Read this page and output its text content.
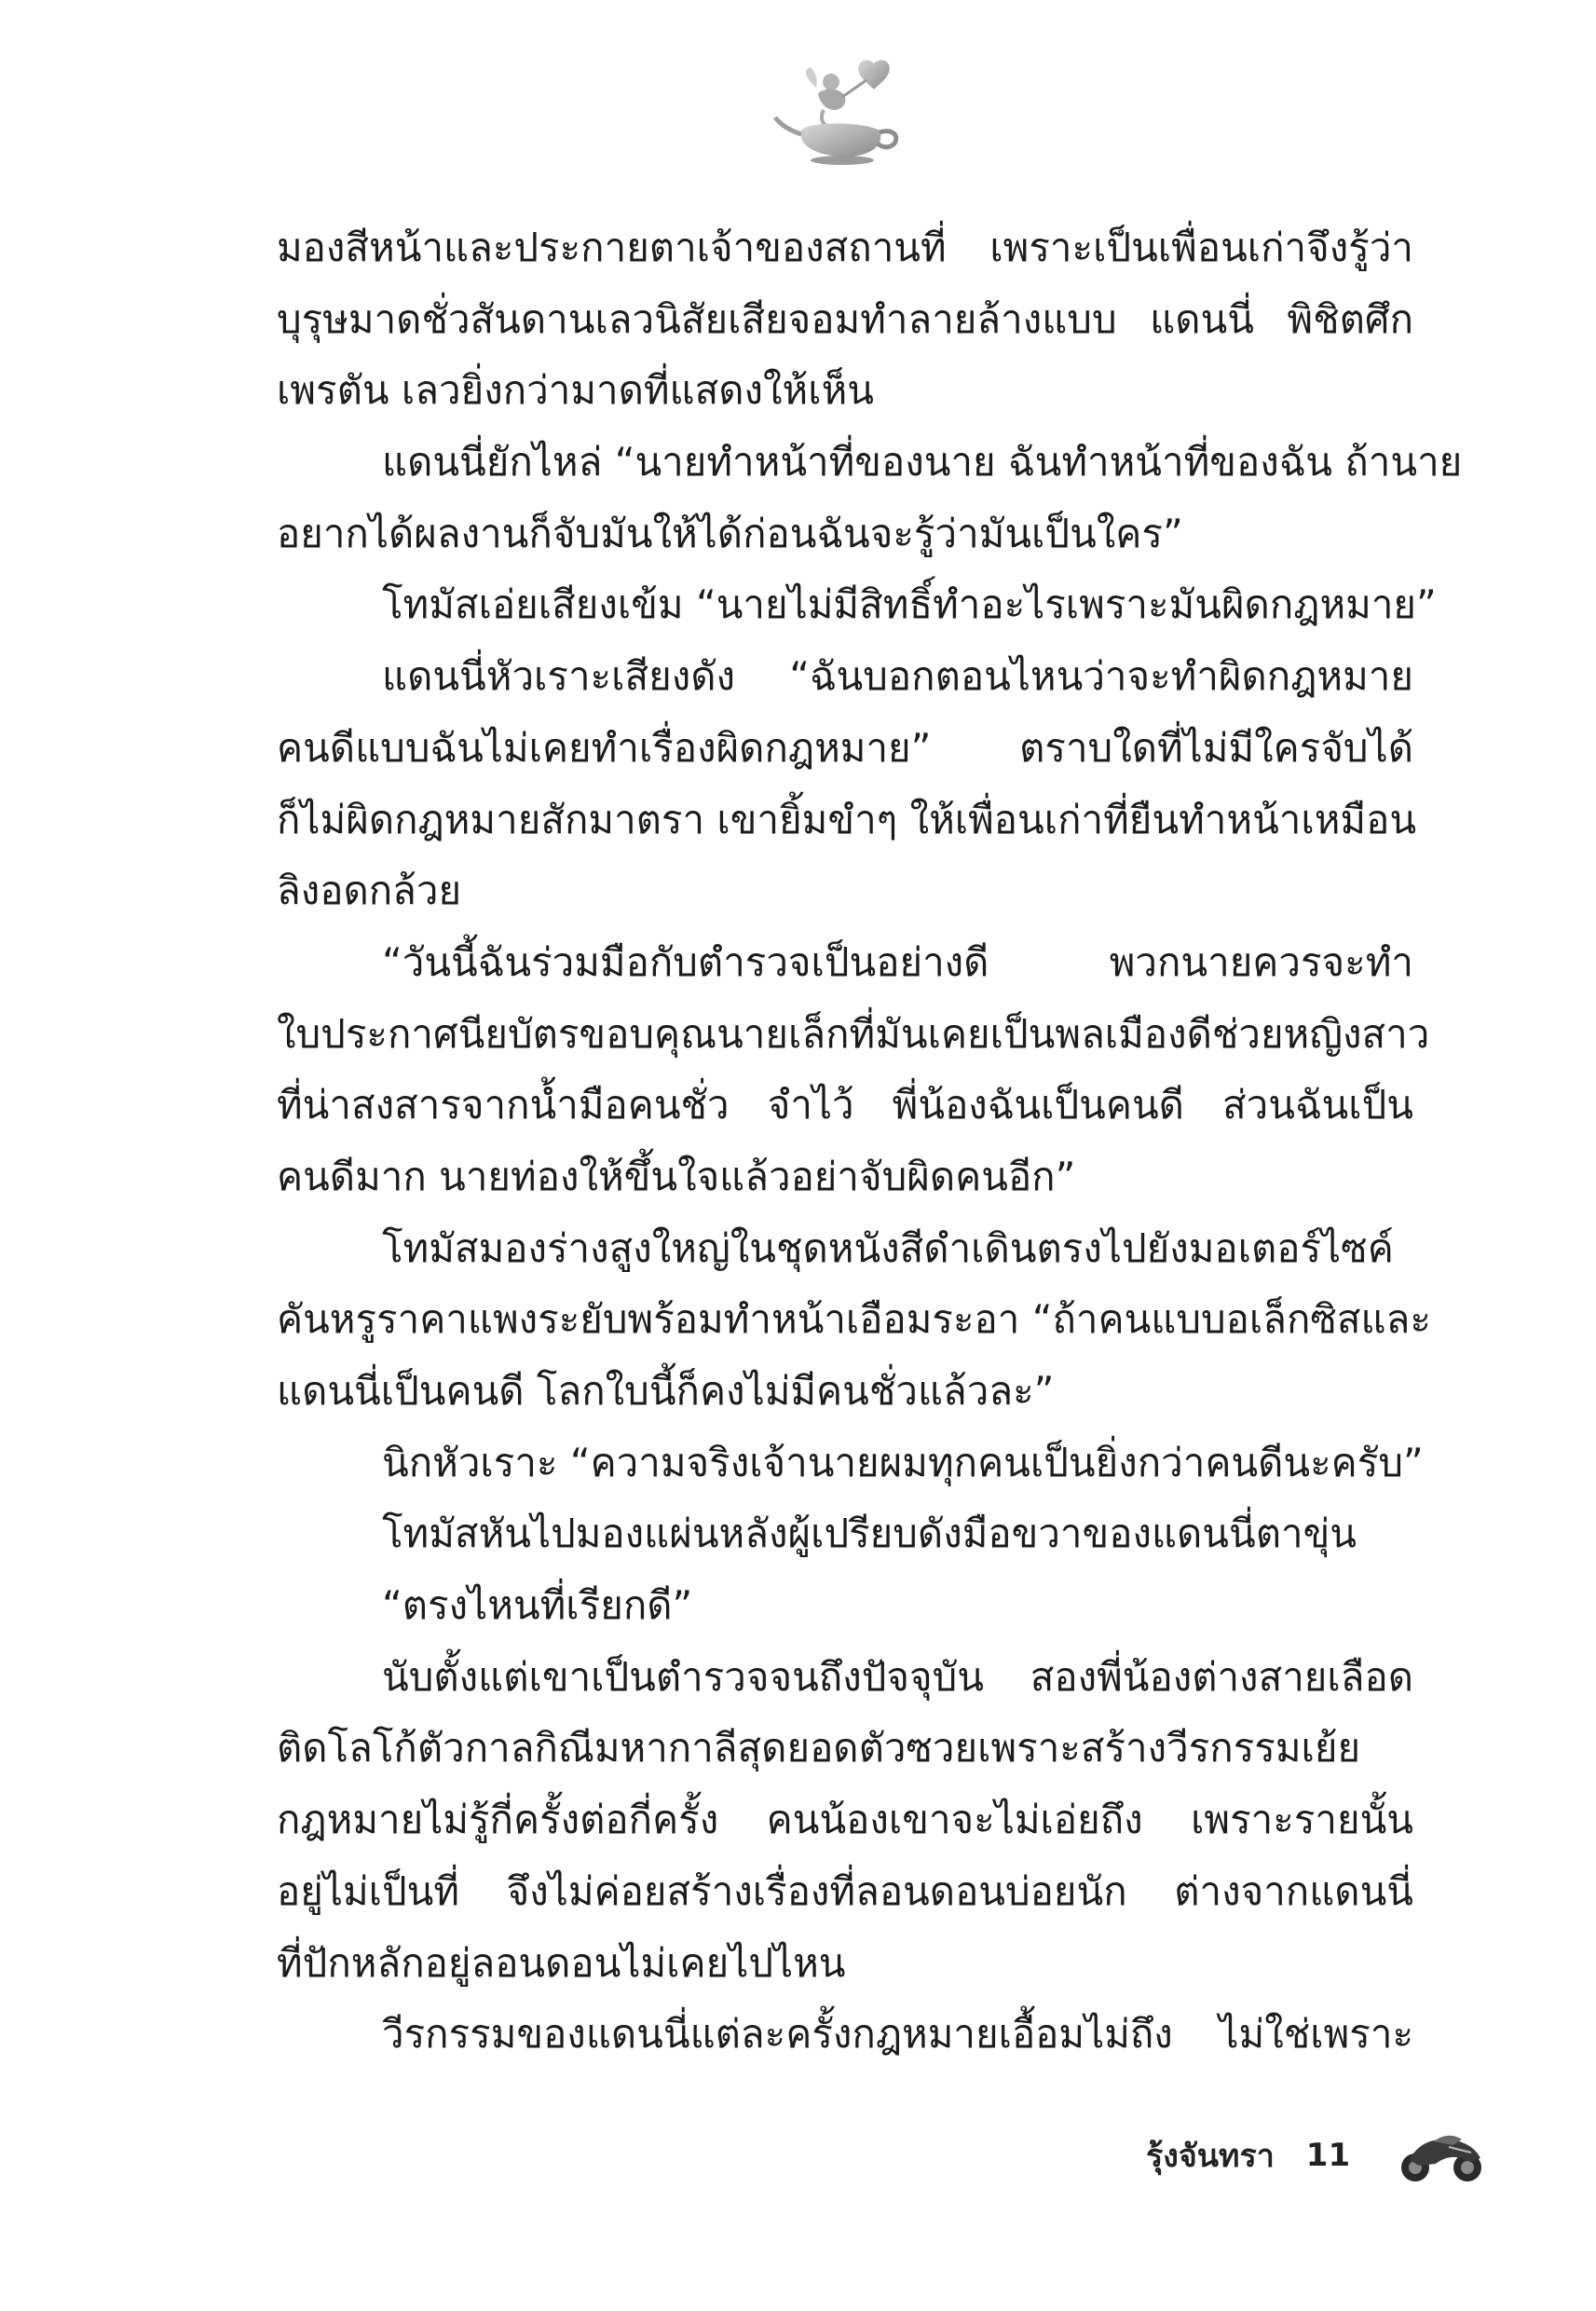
มองสีหน้าและประกายตาเจ้าของสถานที่ เพราะเป็นเพื่อนเก่าจึงรู้ว่า
บุรุษมาดชั่วสันดานเลวนิสัยเสียจอมทำลายล้างแบบ แดนนี่ พิชิตศึก
เพรตัน เลวยิ่งกว่ามาดที่แสดงให้เห็น
แดนนี่ยักไหล่ “นายทำหน้าที่ของนาย ฉันทำหน้าที่ของฉัน ถ้านาย
อยากได้ผลงานก็จับมันให้ได้ก่อนฉันจะรู้ว่ามันเป็นใคร”
โทมัสเอ่ยเสียงเข้ม “นายไม่มีสิทธิ์ทำอะไรเพราะมันผิดกฎหมาย”
แดนนี่หัวเราะเสียงดัง “ฉันบอกตอนไหนว่าจะทำผิดกฎหมาย
คนดีแบบฉันไม่เคยทำเรื่องผิดกฎหมาย” ตราบใดที่ไม่มีใครจับได้
ก็ไม่ผิดกฎหมายสักมาตรา เขายิ้มขำๆ ให้เพื่อนเก่าที่ยืนทำหน้าเหมือน
ลิงอดกล้วย
“วันนี้ฉันร่วมมือกับตำรวจเป็นอย่างดี พวกนายควรจะทำ
ใบประกาศนียบัตรขอบคุณนายเล็กที่มันเคยเป็นพลเมืองดีช่วยหญิงสาว
ที่น่าสงสารจากน้ำมือคนชั่ว จำไว้ พี่น้องฉันเป็นคนดี ส่วนฉันเป็น
คนดีมาก นายท่องให้ขึ้นใจแล้วอย่าจับผิดคนอีก”
โทมัสมองร่างสูงใหญ่ในชุดหนังสีดำเดินตรงไปยังมอเตอร์ไซค์
คันหรูราคาแพงระยับพร้อมทำหน้าเอือมระอา “ถ้าคนแบบอเล็กซิสและ
แดนนี่เป็นคนดี โลกใบนี้ก็คงไม่มีคนชั่วแล้วละ”
นิกหัวเราะ “ความจริงเจ้านายผมทุกคนเป็นยิ่งกว่าคนดีนะครับ”
โทมัสหันไปมองแผ่นหลังผู้เปรียบดังมือขวาของแดนนี่ตาขุ่น
“ตรงไหนที่เรียกดี”
นับตั้งแต่เขาเป็นตำรวจจนถึงปัจจุบัน สองพี่น้องต่างสายเลือด
ติดโลโก้ตัวกาลกิณีมหากาลีสุดยอดตัวซวยเพราะสร้างวีรกรรมเย้ย
กฎหมายไม่รู้กี่ครั้งต่อกี่ครั้ง คนน้องเขาจะไม่เอ่ยถึง เพราะรายนั้น
อยู่ไม่เป็นที่ จึงไม่ค่อยสร้างเรื่องที่ลอนดอนบ่อยนัก ต่างจากแดนนี่
ที่ปักหลักอยู่ลอนดอนไม่เคยไปไหน
วีรกรรมของแดนนี่แต่ละครั้งกฎหมายเอื้อมไม่ถึง ไม่ใช่เพราะ
รุ้งจันทรา 11
